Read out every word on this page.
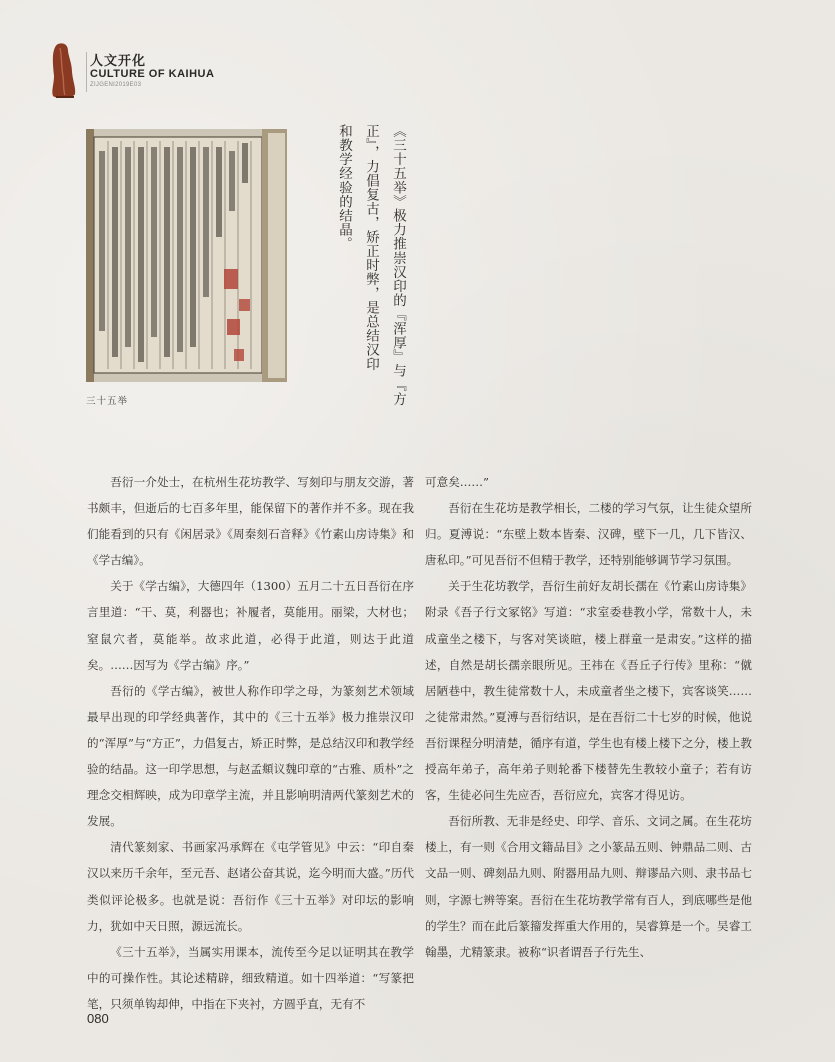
人文开化
CULTURE OF KAIHUA
ZIJGENI2019E03
三十五举	《三十五举》极力推崇汉印的『浑厚』与『方
正』，力倡复古，矫正时弊，是总结汉印
和教学经验的结晶。

吾衍一介处士，在杭州生花坊教学、写刻印与朋友交游，著书颇丰，但逝后的七百多年里，能保留下的著作并不多。现在我们能看到的只有《闲居录》《周秦刻石音释》《竹素山房诗集》和《学古编》。

关于《学古编》，大德四年（1300）五月二十五日吾衍在序言里道：“干、莫，利器也；补履者，莫能用。丽梁，大材也；窒鼠穴者，莫能举。故求此道，必得于此道，则达于此道矣。……因写为《学古编》序。”

吾衍的《学古编》，被世人称作印学之母，为篆刻艺术领域最早出现的印学经典著作，其中的《三十五举》极力推崇汉印的“浑厚”与“方正”，力倡复古，矫正时弊，是总结汉印和教学经验的结晶。这一印学思想，与赵孟頫议魏印章的“古雅、质朴”之理念交相辉映，成为印章学主流，并且影响明清两代篆刻艺术的发展。

清代篆刻家、书画家冯承辉在《屯学管见》中云：“印自秦汉以来历千余年，至元吾、赵诸公奋其说，迄今明而大盛。”历代类似评论极多。也就是说：吾衍作《三十五举》对印坛的影响力，犹如中天日照，源远流长。

《三十五举》，当属实用课本，流传至今足以证明其在教学中的可操作性。其论述精辟，细致精道。如十四举道：“写篆把笔，只须单钩却伸，中指在下夹衬，方圆乎直，无有不

可意矣……”

吾衍在生花坊是教学相长，二楼的学习气氛，让生徒众望所归。夏溥说：“东壁上数本皆秦、汉碑，壁下一几，几下皆汉、唐私印。”可见吾衍不但精于教学，还特别能够调节学习氛围。

关于生花坊教学，吾衍生前好友胡长孺在《竹素山房诗集》附录《吾子行文冢铭》写道：“求室委巷教小学，常数十人，未成童坐之楼下，与客对笑谈暄，楼上群童一是肃安。”这样的描述，自然是胡长孺亲眼所见。王祎在《吾丘子行传》里称：“僦居陋巷中，教生徒常数十人，未成童者坐之楼下，宾客谈笑……之徒常肃然。”夏溥与吾衍结识，是在吾衍二十七岁的时候，他说吾衍课程分明清楚，循序有道，学生也有楼上楼下之分，楼上教授高年弟子，高年弟子则轮番下楼替先生教较小童子；若有访客，生徒必问生先应否，吾衍应允，宾客才得见访。

吾衍所教、无非是经史、印学、音乐、文词之属。在生花坊楼上，有一则《合用文籍品目》之小篆品五则、钟鼎品二则、古文品一则、碑刻品九则、附器用品九则、辩谬品六则、隶书品七则，字源七辨等案。吾衍在生花坊教学常有百人，到底哪些是他的学生？而在此后篆籀发挥重大作用的，吴睿算是一个。吴睿工翰墨，尤精篆隶。被称“识者谓吾子行先生、

080
